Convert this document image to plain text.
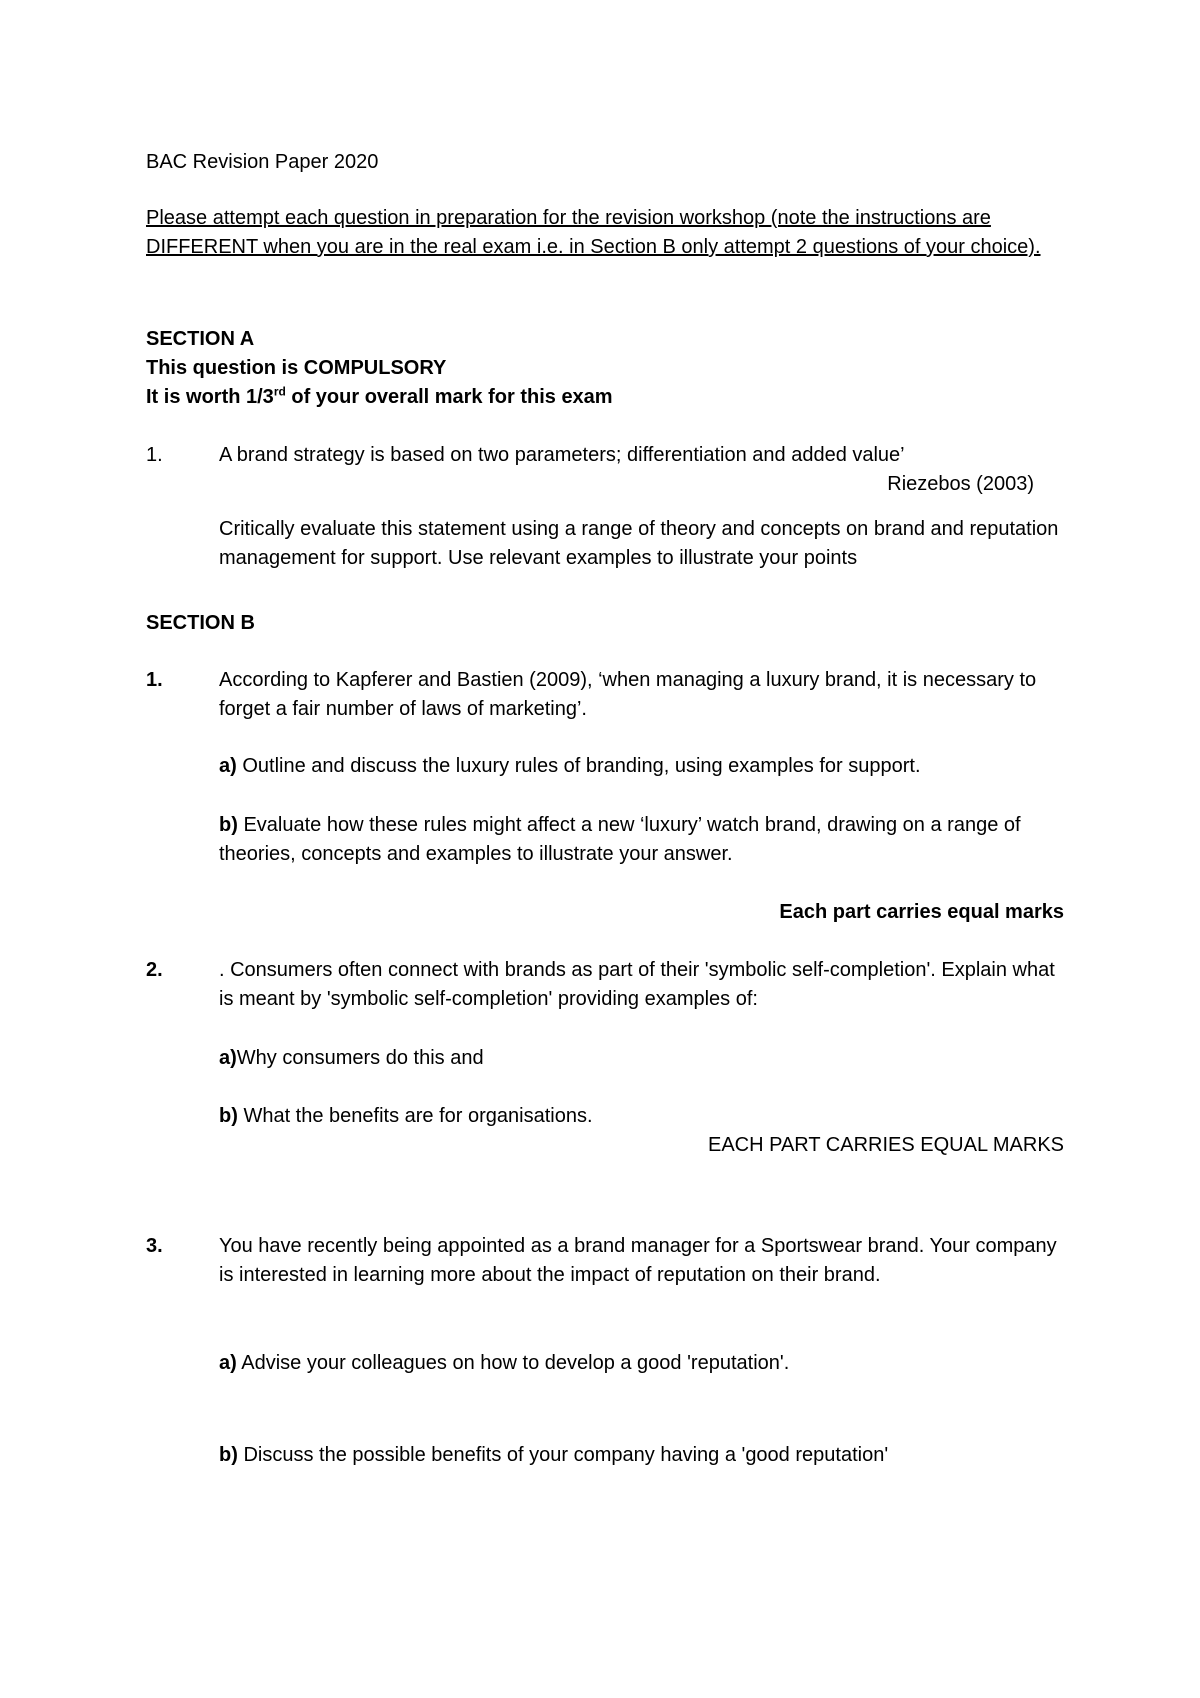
BAC Revision Paper 2020
Please attempt each question in preparation for the revision workshop (note the instructions are DIFFERENT when you are in the real exam i.e. in Section B only attempt 2 questions of your choice).
SECTION A
This question is COMPULSORY
It is worth 1/3rd of your overall mark for this exam
1.	A brand strategy is based on two parameters; differentiation and added value’
Riezebos (2003)
Critically evaluate this statement using a range of theory and concepts on brand and reputation management for support. Use relevant examples to illustrate your points
SECTION B
1.	According to Kapferer and Bastien (2009), ‘when managing a luxury brand, it is necessary to forget a fair number of laws of marketing’.
a) Outline and discuss the luxury rules of branding, using examples for support.
b) Evaluate how these rules might affect a new ‘luxury’ watch brand, drawing on a range of theories, concepts and examples to illustrate your answer.
Each part carries equal marks
2.	. Consumers often connect with brands as part of their 'symbolic self-completion'. Explain what is meant by 'symbolic self-completion' providing examples of:
a)Why consumers do this and
b) What the benefits are for organisations.
EACH PART CARRIES EQUAL MARKS
3.	You have recently being appointed as a brand manager for a Sportswear brand. Your company is interested in learning more about the impact of reputation on their brand.
a) Advise your colleagues on how to develop a good 'reputation'.
b) Discuss the possible benefits of your company having a 'good reputation'
